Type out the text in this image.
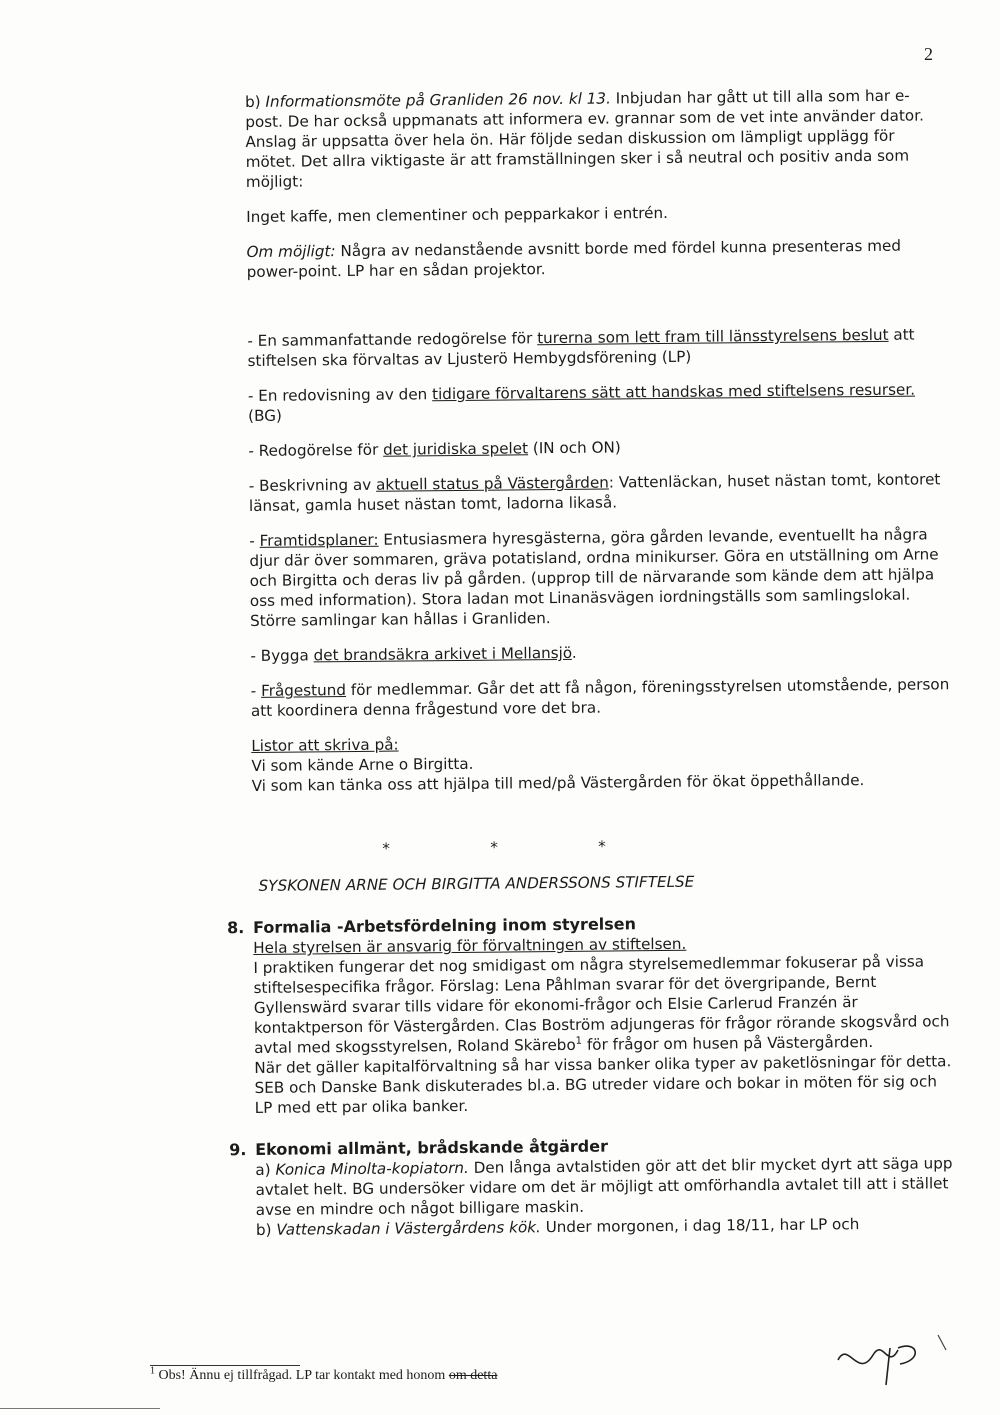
2

b) Informationsmöte på Granliden 26 nov. kl 13. Inbjudan har gått ut till alla som har e-post. De har också uppmanats att informera ev. grannar som de vet inte använder dator. Anslag är uppsatta över hela ön. Här följde sedan diskussion om lämpligt upplägg för mötet. Det allra viktigaste är att framställningen sker i så neutral och positiv anda som möjligt:

Inget kaffe, men clementiner och pepparkakor i entrén.

Om möjligt: Några av nedanstående avsnitt borde med fördel kunna presenteras med power-point. LP har en sådan projektor.

- En sammanfattande redogörelse för turerna som lett fram till länsstyrelsens beslut att stiftelsen ska förvaltas av Ljusterö Hembygdsförening (LP)

- En redovisning av den tidigare förvaltarens sätt att handskas med stiftelsens resurser. (BG)

- Redogörelse för det juridiska spelet (IN och ON)

- Beskrivning av aktuell status på Västergården: Vattenläckan, huset nästan tomt, kontoret länsat, gamla huset nästan tomt, ladorna likaså.

- Framtidsplaner: Entusiasmera hyresgästerna, göra gården levande, eventuellt ha några djur där över sommaren, gräva potatisland, ordna minikurser. Göra en utställning om Arne och Birgitta och deras liv på gården. (upprop till de närvarande som kände dem att hjälpa oss med information). Stora ladan mot Linanäsvägen iordningställs som samlingslokal. Större samlingar kan hållas i Granliden.

- Bygga det brandsäkra arkivet i Mellansjö.

- Frågestund för medlemmar. Går det att få någon, föreningsstyrelsen utomstående, person att koordinera denna frågestund vore det bra.

Listor att skriva på:
Vi som kände Arne o Birgitta.
Vi som kan tänka oss att hjälpa till med/på Västergården för ökat öppethållande.
*	*	*
SYSKONEN ARNE OCH BIRGITTA ANDERSSONS STIFTELSE
8. Formalia -Arbetsfördelning inom styrelsen
Hela styrelsen är ansvarig för förvaltningen av stiftelsen.
I praktiken fungerar det nog smidigast om några styrelsemedlemmar fokuserar på vissa stiftelsespecifika frågor. Förslag: Lena Påhlman svarar för det övergripande, Bernt Gyllenswärd svarar tills vidare för ekonomi-frågor och Elsie Carlerud Franzén är kontaktperson för Västergården. Clas Boström adjungeras för frågor rörande skogsvård och avtal med skogsstyrelsen, Roland Skärebo$^1$ för frågor om husen på Västergården.
När det gäller kapitalförvaltning så har vissa banker olika typer av paketlösningar för detta. SEB och Danske Bank diskuterades bl.a. BG utreder vidare och bokar in möten för sig och LP med ett par olika banker.
9. Ekonomi allmänt, brådskande åtgärder
a) Konica Minolta-kopiatorn. Den långa avtalstiden gör att det blir mycket dyrt att säga upp avtalet helt. BG undersöker vidare om det är möjligt att omförhandla avtalet till att i stället avse en mindre och något billigare maskin.
b) Vattenskadan i Västergårdens kök. Under morgonen, i dag 18/11, har LP och
$^1$ Obs! Ännu ej tillfrågad. LP tar kontakt med honom om detta
